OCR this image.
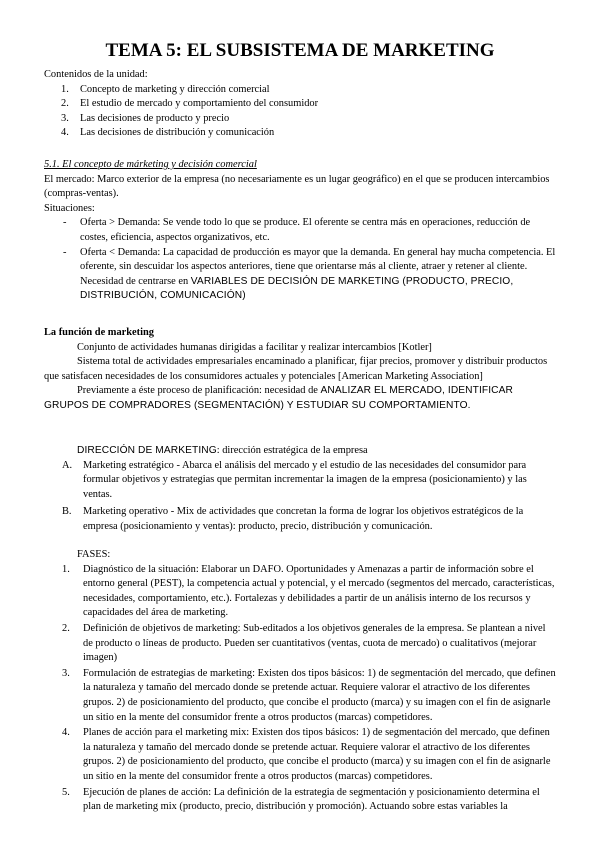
TEMA 5: EL SUBSISTEMA DE MARKETING

Contenidos de la unidad:

1. Concepto de marketing y dirección comercial
2. El estudio de mercado y comportamiento del consumidor
3. Las decisiones de producto y precio
4. Las decisiones de distribución y comunicación

5.1. El concepto de márketing y decisión comercial

El mercado: Marco exterior de la empresa (no necesariamente es un lugar geográfico) en el que se producen intercambios (compras-ventas).

Situaciones:

- Oferta > Demanda: Se vende todo lo que se produce. El oferente se centra más en operaciones, reducción de costes, eficiencia, aspectos organizativos, etc.
- Oferta < Demanda: La capacidad de producción es mayor que la demanda. En general hay mucha competencia. El oferente, sin descuidar los aspectos anteriores, tiene que orientarse más al cliente, atraer y retener al cliente. Necesidad de centrarse en VARIABLES DE DECISIÓN DE MARKETING (PRODUCTO, PRECIO, DISTRIBUCIÓN, COMUNICACIÓN)

La función de marketing

Conjunto de actividades humanas dirigidas a facilitar y realizar intercambios [Kotler]

Sistema total de actividades empresariales encaminado a planificar, fijar precios, promover y distribuir productos que satisfacen necesidades de los consumidores actuales y potenciales [American Marketing Association]

Previamente a éste proceso de planificación: necesidad de ANALIZAR EL MERCADO, IDENTIFICAR GRUPOS DE COMPRADORES (SEGMENTACIÓN) Y ESTUDIAR SU COMPORTAMIENTO.

DIRECCIÓN DE MARKETING: dirección estratégica de la empresa

A. Marketing estratégico - Abarca el análisis del mercado y el estudio de las necesidades del consumidor para formular objetivos y estrategias que permitan incrementar la imagen de la empresa (posicionamiento) y las ventas.
B. Marketing operativo - Mix de actividades que concretan la forma de lograr los objetivos estratégicos de la empresa (posicionamiento y ventas): producto, precio, distribución y comunicación.

FASES:

1. Diagnóstico de la situación: Elaborar un DAFO. Oportunidades y Amenazas a partir de información sobre el entorno general (PEST), la competencia actual y potencial, y el mercado (segmentos del mercado, características, necesidades, comportamiento, etc.). Fortalezas y debilidades a partir de un análisis interno de los recursos y capacidades del área de marketing.
2. Definición de objetivos de marketing: Sub-editados a los objetivos generales de la empresa. Se plantean a nivel de producto o líneas de producto. Pueden ser cuantitativos (ventas, cuota de mercado) o cualitativos (mejorar imagen)
3. Formulación de estrategias de marketing: Existen dos tipos básicos: 1) de segmentación del mercado, que definen la naturaleza y tamaño del mercado donde se pretende actuar. Requiere valorar el atractivo de los diferentes grupos. 2) de posicionamiento del producto, que concibe el producto (marca) y su imagen con el fin de asignarle un sitio en la mente del consumidor frente a otros productos (marcas) competidores.
4. Planes de acción para el marketing mix: Existen dos tipos básicos: 1) de segmentación del mercado, que definen la naturaleza y tamaño del mercado donde se pretende actuar. Requiere valorar el atractivo de los diferentes grupos. 2) de posicionamiento del producto, que concibe el producto (marca) y su imagen con el fin de asignarle un sitio en la mente del consumidor frente a otros productos (marcas) competidores.
5. Ejecución de planes de acción: La definición de la estrategia de segmentación y posicionamiento determina el plan de marketing mix (producto, precio, distribución y promoción). Actuando sobre estas variables la
